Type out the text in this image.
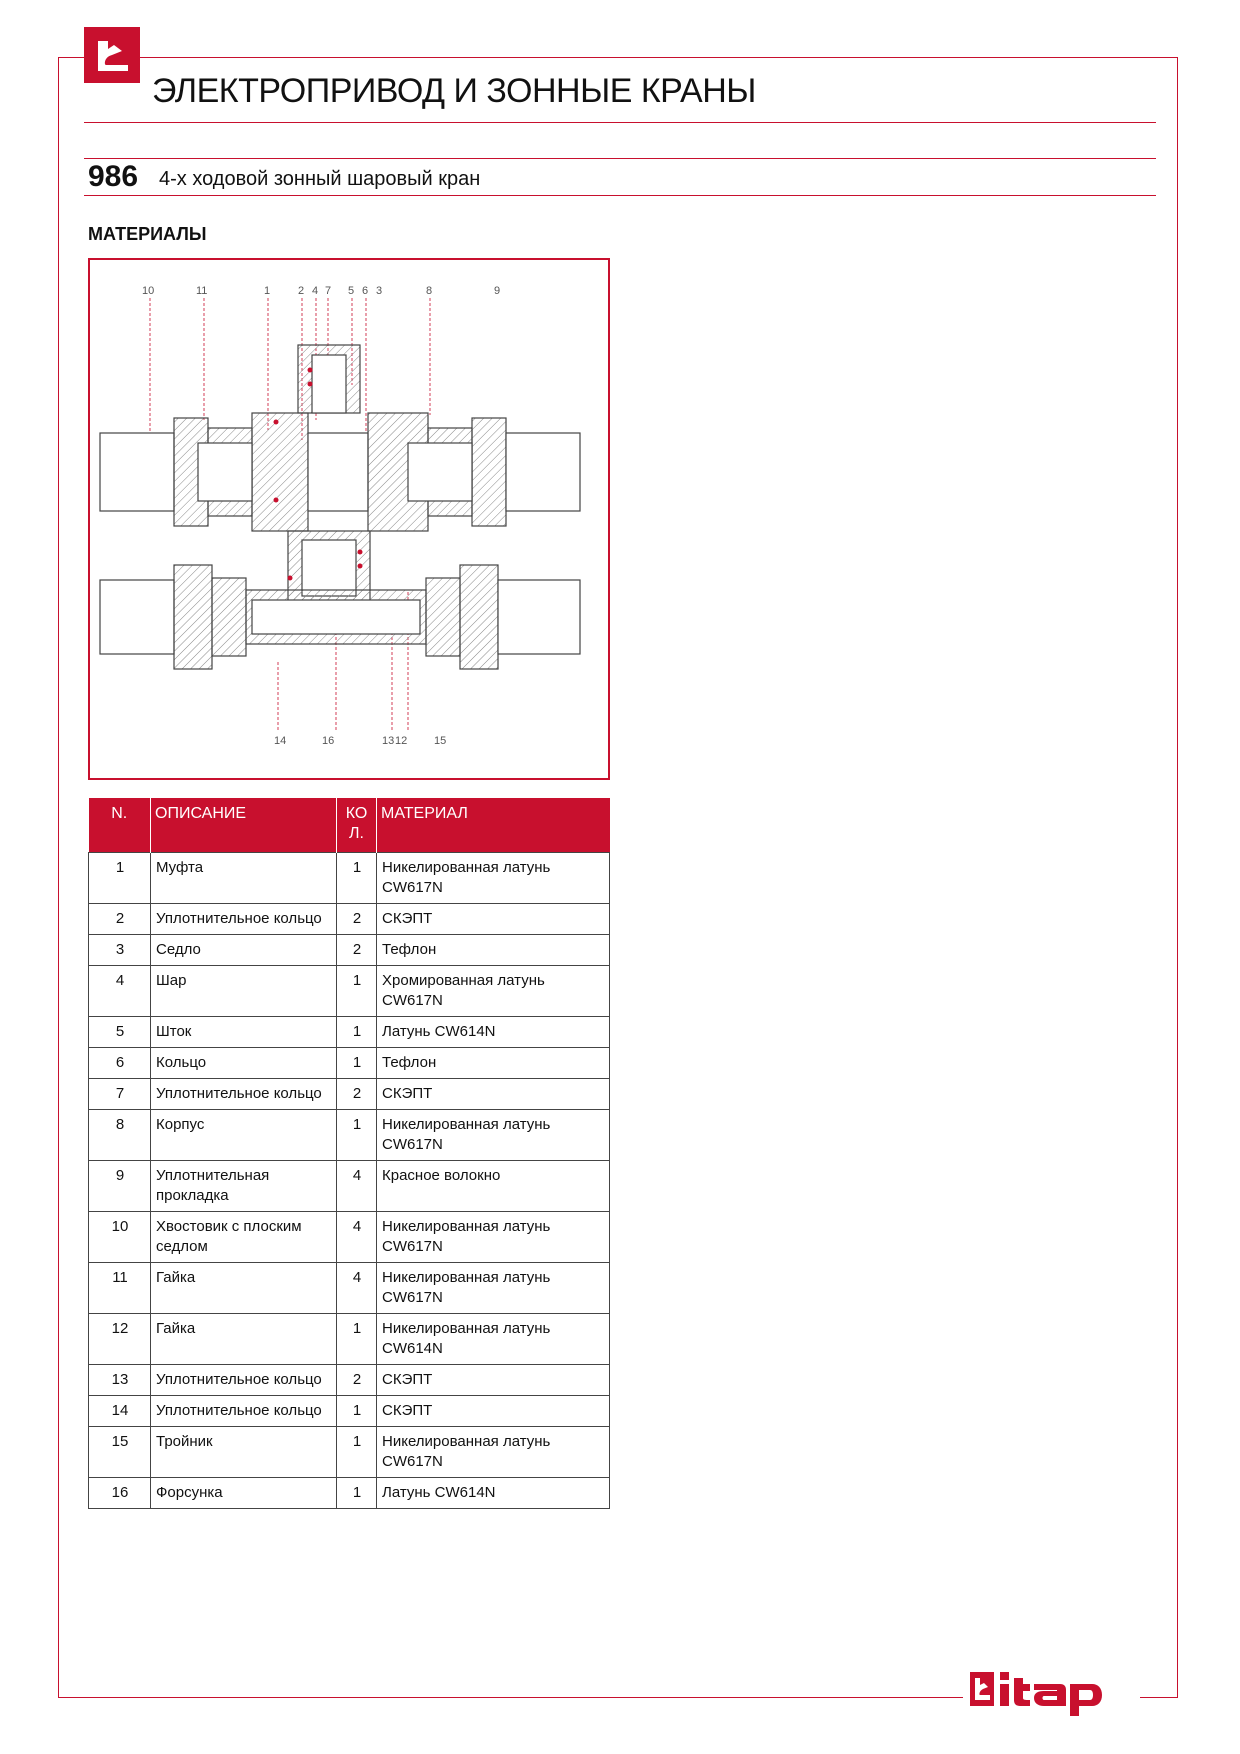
ЭЛЕКТРОПРИВОД И ЗОННЫЕ КРАНЫ
986 4-х ходовой зонный шаровый кран
МАТЕРИАЛЫ
10	11	1	2 4 7 5 6 3	8	9
14	16	13 12 15
N.	ОПИСАНИЕ	КО Л.	МАТЕРИАЛ
1	Муфта	1	Никелированная латунь CW617N
2	Уплотнительное кольцо	2	СКЭПТ
3	Седло	2	Тефлон
4	Шар	1	Хромированная латунь CW617N
5	Шток	1	Латунь CW614N
6	Кольцо	1	Тефлон
7	Уплотнительное кольцо	2	СКЭПТ
8	Корпус	1	Никелированная латунь CW617N
9	Уплотнительная прокладка	4	Красное волокно
10	Хвостовик с плоским седлом	4	Никелированная латунь CW617N
11	Гайка	4	Никелированная латунь CW617N
12	Гайка	1	Никелированная латунь CW614N
13	Уплотнительное кольцо	2	СКЭПТ
14	Уплотнительное кольцо	1	СКЭПТ
15	Тройник	1	Никелированная латунь CW617N
16	Форсунка	1	Латунь CW614N
